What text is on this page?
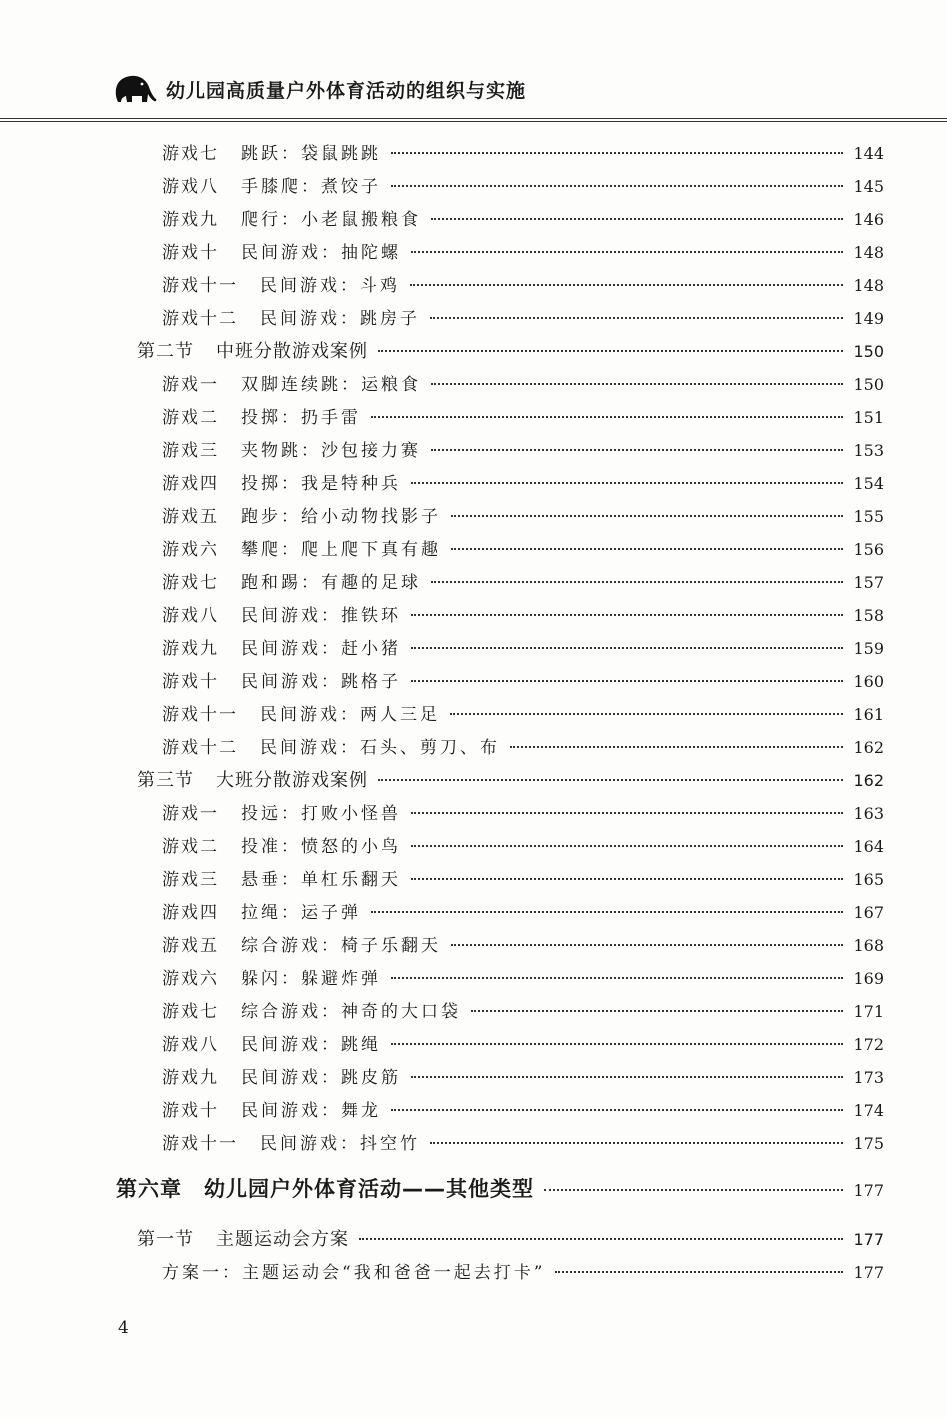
幼儿园高质量户外体育活动的组织与实施
游戏七 跳跃：袋鼠跳跳	144
游戏八 手膝爬：煮饺子	145
游戏九 爬行：小老鼠搬粮食	146
游戏十 民间游戏：抽陀螺	148
游戏十一 民间游戏：斗鸡	148
游戏十二 民间游戏：跳房子	149
第二节 中班分散游戏案例	150
游戏一 双脚连续跳：运粮食	150
游戏二 投掷：扔手雷	151
游戏三 夹物跳：沙包接力赛	153
游戏四 投掷：我是特种兵	154
游戏五 跑步：给小动物找影子	155
游戏六 攀爬：爬上爬下真有趣	156
游戏七 跑和踢：有趣的足球	157
游戏八 民间游戏：推铁环	158
游戏九 民间游戏：赶小猪	159
游戏十 民间游戏：跳格子	160
游戏十一 民间游戏：两人三足	161
游戏十二 民间游戏：石头、剪刀、布	162
第三节 大班分散游戏案例	162
游戏一 投远：打败小怪兽	163
游戏二 投准：愤怒的小鸟	164
游戏三 悬垂：单杠乐翻天	165
游戏四 拉绳：运子弹	167
游戏五 综合游戏：椅子乐翻天	168
游戏六 躲闪：躲避炸弹	169
游戏七 综合游戏：神奇的大口袋	171
游戏八 民间游戏：跳绳	172
游戏九 民间游戏：跳皮筋	173
游戏十 民间游戏：舞龙	174
游戏十一 民间游戏：抖空竹	175
第六章 幼儿园户外体育活动——其他类型	177
第一节 主题运动会方案	177
方案一：主题运动会“我和爸爸一起去打卡”	177
4
